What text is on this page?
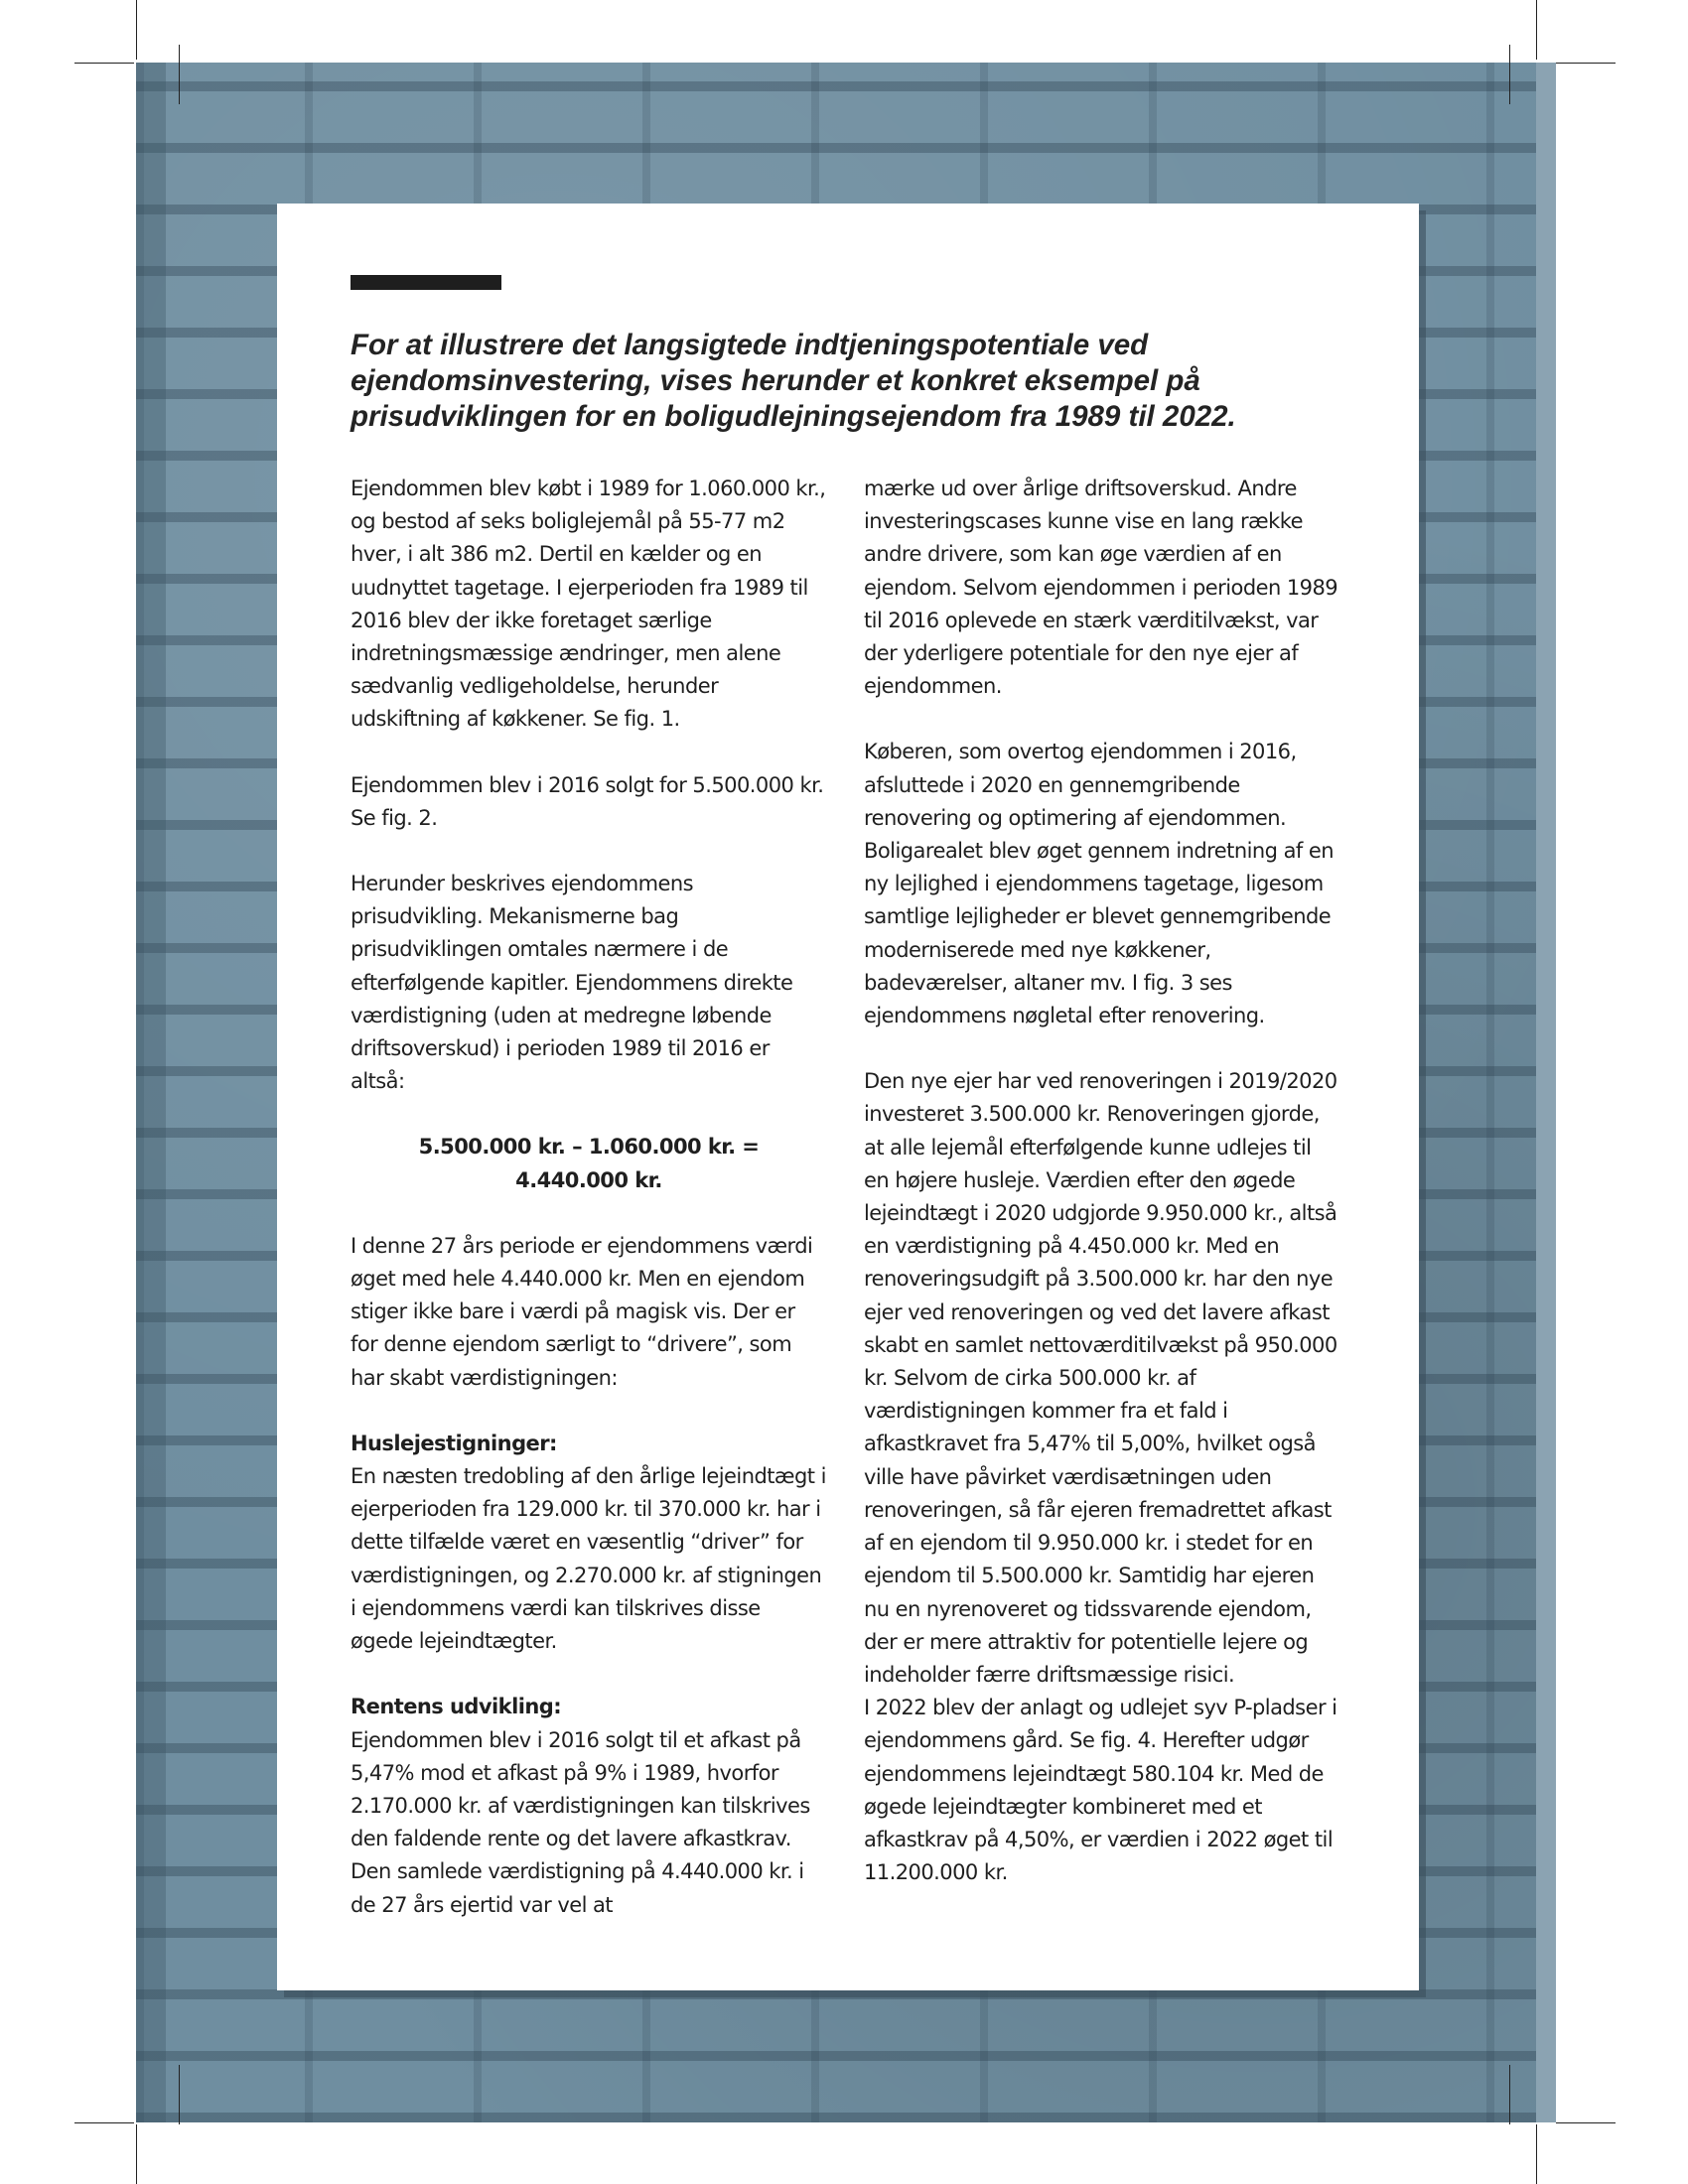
For at illustrere det langsigtede indtjeningspotentiale ved ejendomsinvestering, vises herunder et konkret eksempel på prisudviklingen for en boligudlejningsejendom fra 1989 til 2022.

Ejendommen blev købt i 1989 for 1.060.000 kr., og bestod af seks boliglejemål på 55-77 m2 hver, i alt 386 m2. Dertil en kælder og en uudnyttet tagetage. I ejerperioden fra 1989 til 2016 blev der ikke foretaget særlige indretningsmæssige ændringer, men alene sædvanlig vedligeholdelse, herunder udskiftning af køkkener. Se fig. 1.

Ejendommen blev i 2016 solgt for 5.500.000 kr. Se fig. 2.

Herunder beskrives ejendommens prisudvikling. Mekanismerne bag prisudviklingen omtales nærmere i de efterfølgende kapitler. Ejendommens direkte værdistigning (uden at medregne løbende driftsoverskud) i perioden 1989 til 2016 er altså:

5.500.000 kr. – 1.060.000 kr. =
4.440.000 kr.

I denne 27 års periode er ejendommens værdi øget med hele 4.440.000 kr. Men en ejendom stiger ikke bare i værdi på magisk vis. Der er for denne ejendom særligt to “drivere”, som har skabt værdistigningen:

Huslejestigninger:
En næsten tredobling af den årlige lejeindtægt i ejerperioden fra 129.000 kr. til 370.000 kr. har i dette tilfælde været en væsentlig “driver” for værdistigningen, og 2.270.000 kr. af stigningen i ejendommens værdi kan tilskrives disse øgede lejeindtægter.

Rentens udvikling:
Ejendommen blev i 2016 solgt til et afkast på 5,47% mod et afkast på 9% i 1989, hvorfor 2.170.000 kr. af værdistigningen kan tilskrives den faldende rente og det lavere afkastkrav. Den samlede værdistigning på 4.440.000 kr. i de 27 års ejertid var vel at

mærke ud over årlige driftsoverskud. Andre investeringscases kunne vise en lang række andre drivere, som kan øge værdien af en ejendom. Selvom ejendommen i perioden 1989 til 2016 oplevede en stærk værditilvækst, var der yderligere potentiale for den nye ejer af ejendommen.

Køberen, som overtog ejendommen i 2016, afsluttede i 2020 en gennemgribende renovering og optimering af ejendommen. Boligarealet blev øget gennem indretning af en ny lejlighed i ejendommens tagetage, ligesom samtlige lejligheder er blevet gennemgribende moderniserede med nye køkkener, badeværelser, altaner mv. I fig. 3 ses ejendommens nøgletal efter renovering.

Den nye ejer har ved renoveringen i 2019/2020 investeret 3.500.000 kr. Renoveringen gjorde, at alle lejemål efterfølgende kunne udlejes til en højere husleje. Værdien efter den øgede lejeindtægt i 2020 udgjorde 9.950.000 kr., altså en værdistigning på 4.450.000 kr. Med en renoveringsudgift på 3.500.000 kr. har den nye ejer ved renoveringen og ved det lavere afkast skabt en samlet nettoværditilvækst på 950.000 kr. Selvom de cirka 500.000 kr. af værdistigningen kommer fra et fald i afkastkravet fra 5,47% til 5,00%, hvilket også ville have påvirket værdisætningen uden renoveringen, så får ejeren fremadrettet afkast af en ejendom til 9.950.000 kr. i stedet for en ejendom til 5.500.000 kr. Samtidig har ejeren nu en nyrenoveret og tidssvarende ejendom, der er mere attraktiv for potentielle lejere og indeholder færre driftsmæssige risici.

I 2022 blev der anlagt og udlejet syv P-pladser i ejendommens gård. Se fig. 4. Herefter udgør ejendommens lejeindtægt 580.104 kr. Med de øgede lejeindtægter kombineret med et afkastkrav på 4,50%, er værdien i 2022 øget til 11.200.000 kr.
